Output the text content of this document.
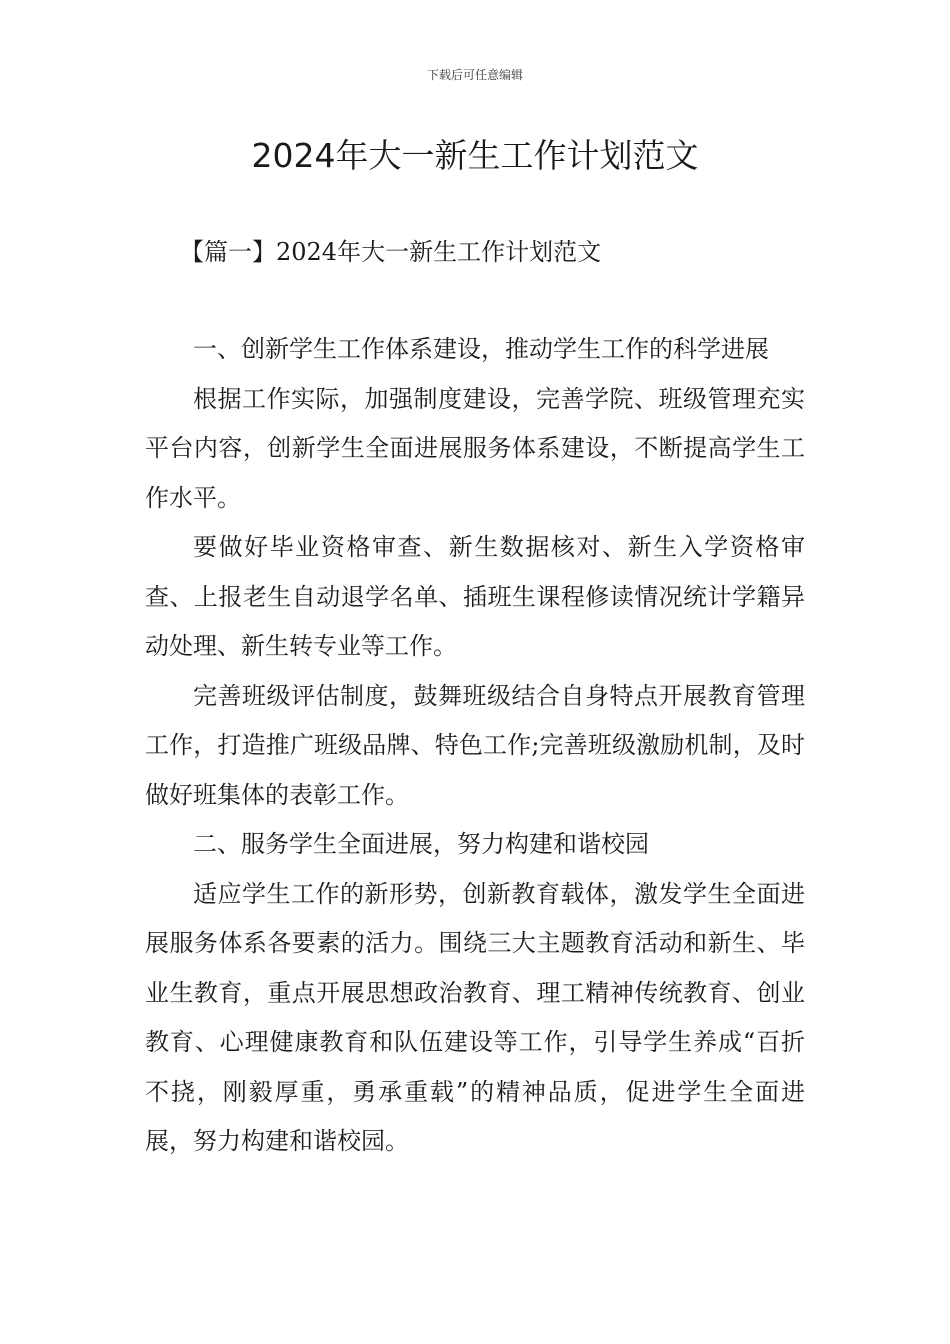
下载后可任意编辑
2024年大一新生工作计划范文
【篇一】2024年大一新生工作计划范文

一、创新学生工作体系建设，推动学生工作的科学进展

根据工作实际，加强制度建设，完善学院、班级管理充实平台内容，创新学生全面进展服务体系建设，不断提高学生工作水平。

要做好毕业资格审查、新生数据核对、新生入学资格审查、上报老生自动退学名单、插班生课程修读情况统计学籍异动处理、新生转专业等工作。

完善班级评估制度，鼓舞班级结合自身特点开展教育管理工作，打造推广班级品牌、特色工作;完善班级激励机制，及时做好班集体的表彰工作。

二、服务学生全面进展，努力构建和谐校园

适应学生工作的新形势，创新教育载体，激发学生全面进展服务体系各要素的活力。围绕三大主题教育活动和新生、毕业生教育，重点开展思想政治教育、理工精神传统教育、创业教育、心理健康教育和队伍建设等工作，引导学生养成“百折不挠，刚毅厚重，勇承重载”的精神品质，促进学生全面进展，努力构建和谐校园。
